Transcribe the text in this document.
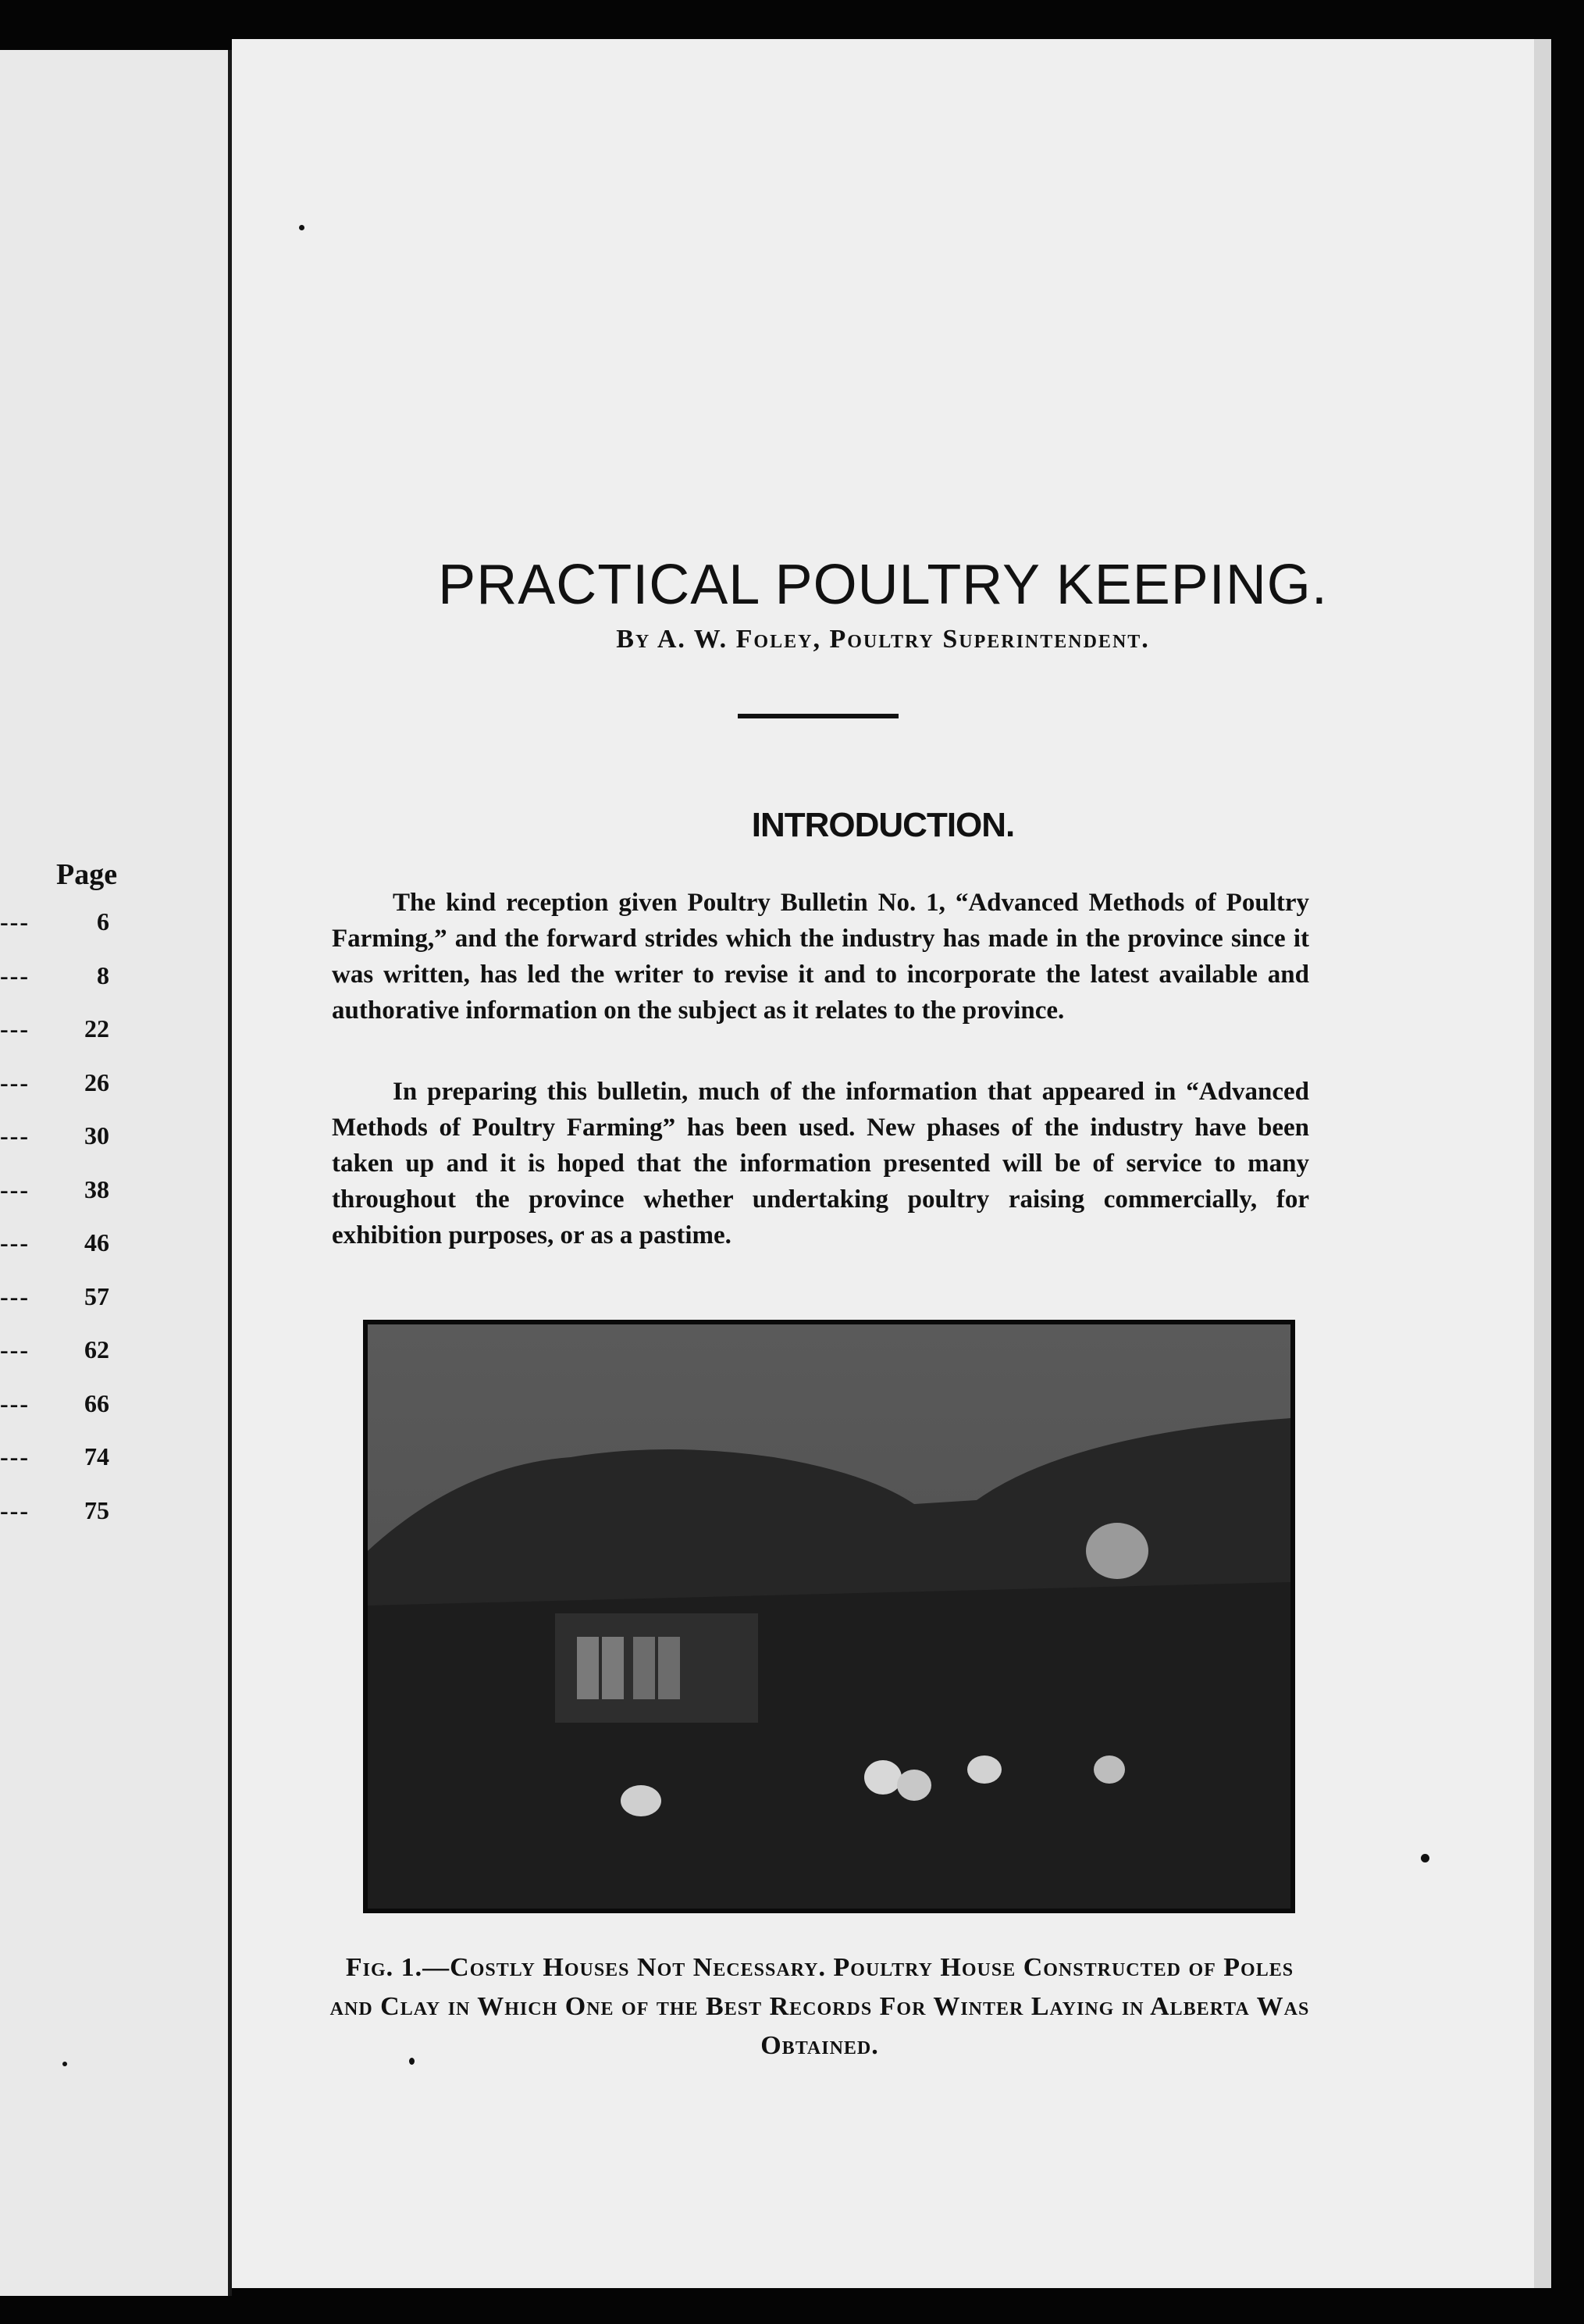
Page
---	6
---	8
--- 22
--- 26
--- 30
--- 38
--- 46
--- 57
--- 62
--- 66
--- 74
--- 75
PRACTICAL POULTRY KEEPING.
By A. W. Foley, Poultry Superintendent.
INTRODUCTION.

The kind reception given Poultry Bulletin No. 1, “Advanced Methods of Poultry Farming,” and the forward strides which the industry has made in the province since it was written, has led the writer to revise it and to incorporate the latest available and authorative information on the subject as it relates to the province.

In preparing this bulletin, much of the information that appeared in “Advanced Methods of Poultry Farming” has been used. New phases of the industry have been taken up and it is hoped that the information presented will be of service to many throughout the province whether undertaking poultry raising commercially, for exhibition purposes, or as a pastime.

Fig. 1.—Costly Houses Not Necessary. Poultry House Constructed of Poles and Clay in Which One of the Best Records For Winter Laying in Alberta Was Obtained.
